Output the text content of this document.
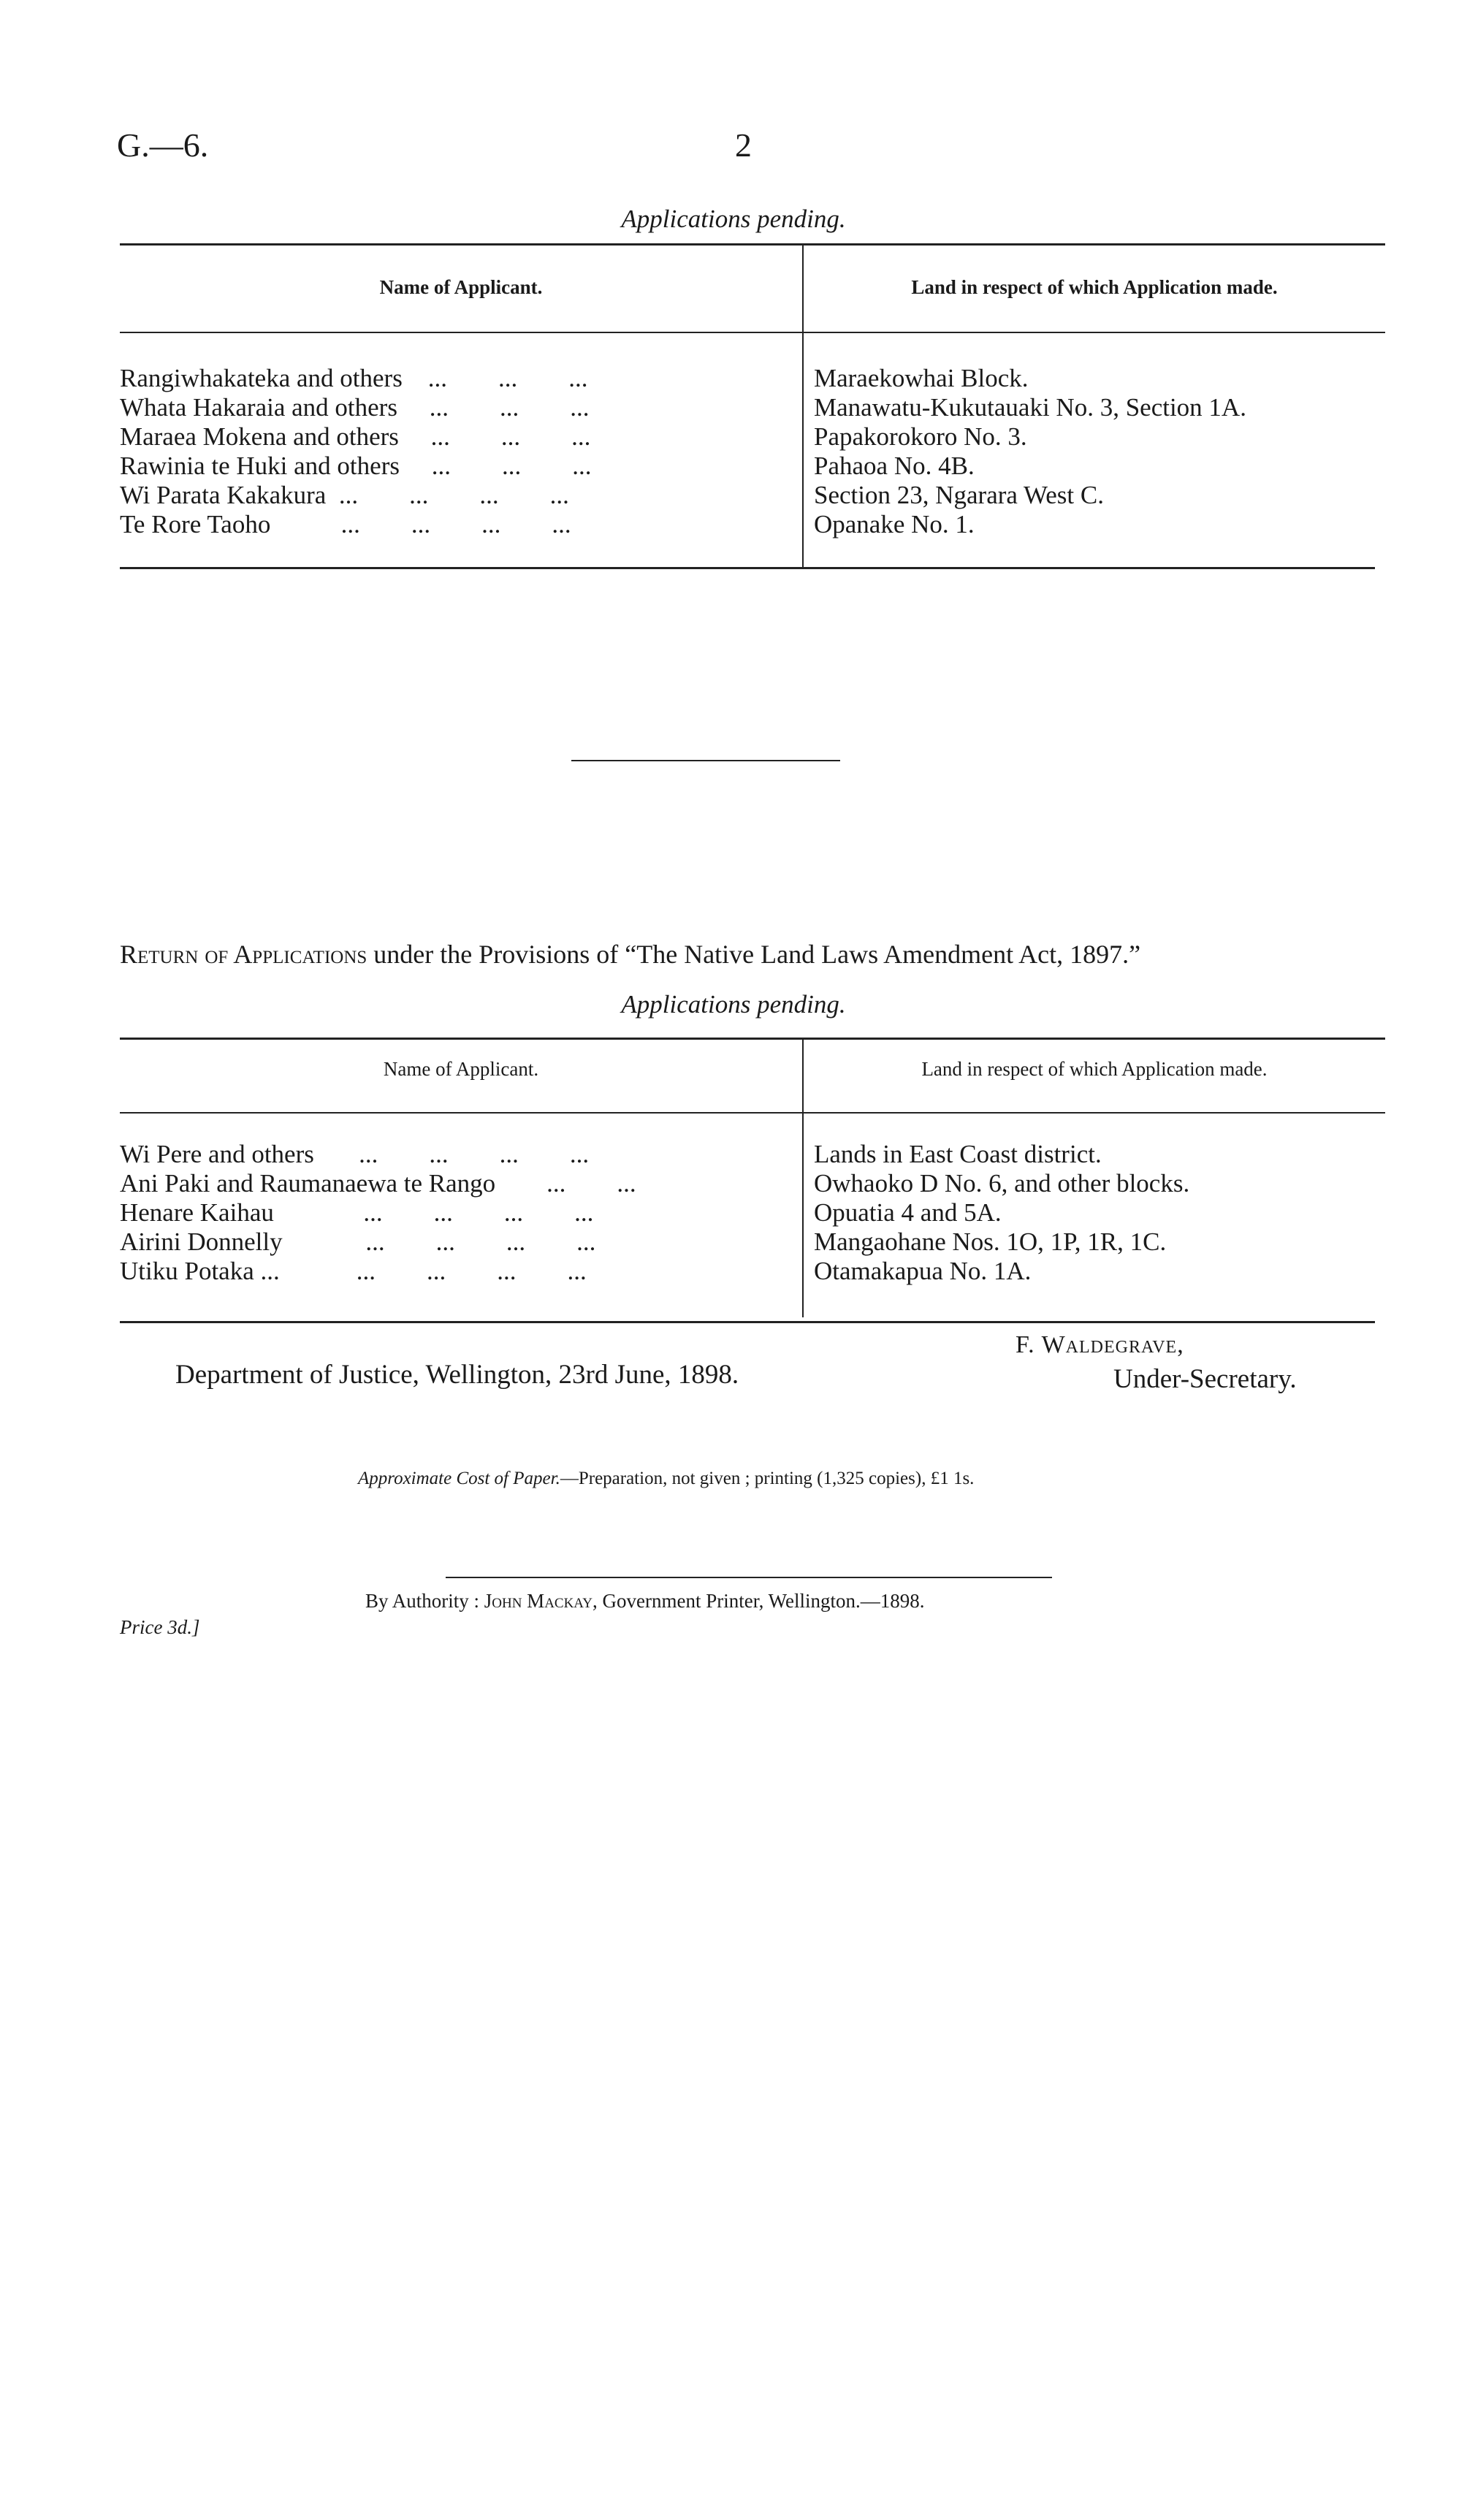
G.—6.	2
Applications pending.
Name of Applicant.	Land in respect of which Application made.
Rangiwhakateka and others    ...        ...        ...	Maraekowhai Block.
Whata Hakaraia and others     ...        ...        ...	Manawatu-Kukutauaki No. 3, Section 1A.
Maraea Mokena and others     ...        ...        ...	Papakorokoro No. 3.
Rawinia te Huki and others     ...        ...        ...	Pahaoa No. 4B.
Wi Parata Kakakura  ...        ...        ...        ...	Section 23, Ngarara West C.
Te Rore Taoho           ...        ...        ...        ...	Opanake No. 1.
Return of Applications under the Provisions of “The Native Land Laws Amendment Act, 1897.”
Applications pending.
Name of Applicant.	Land in respect of which Application made.
Wi Pere and others       ...        ...        ...        ...	Lands in East Coast district.
Ani Paki and Raumanaewa te Rango        ...        ...	Owhaoko D No. 6, and other blocks.
Henare Kaihau              ...        ...        ...        ...	Opuatia 4 and 5A.
Airini Donnelly             ...        ...        ...        ...	Mangaohane Nos. 1O, 1P, 1R, 1C.
Utiku Potaka ...            ...        ...        ...        ...	Otamakapua No. 1A.
Department of Justice, Wellington, 23rd June, 1898.
F. Waldegrave,
Under-Secretary.
Approximate Cost of Paper.—Preparation, not given ; printing (1,325 copies), £1 1s.
By Authority : John Mackay, Government Printer, Wellington.—1898.
Price 3d.]
